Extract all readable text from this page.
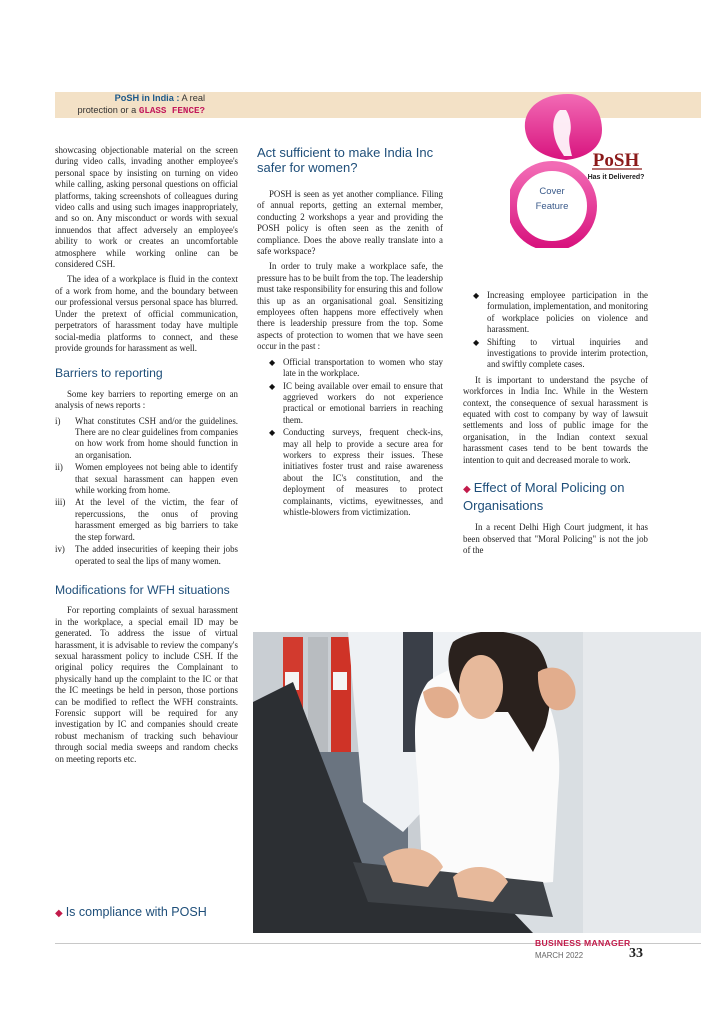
PoSH in India : A real
protection or a GLASS FENCE?
Cover
Feature
PoSH
Has it Delivered?

showcasing objectionable material on the screen during video calls, invading another employee's personal space by insisting on turning on video while calling, asking personal questions on official platforms, taking screenshots of colleagues during video calls and using such images inappropriately, and so on. Any misconduct or words with sexual innuendos that affect adversely an employee's ability to work or creates an uncomfortable atmosphere while working online can be considered CSH.

The idea of a workplace is fluid in the context of a work from home, and the boundary between our professional versus personal space has blurred. Under the pretext of official communication, perpetrators of harassment today have multiple social-media platforms to connect, and these provide grounds for harassment as well.

Barriers to reporting

Some key barriers to reporting emerge on an analysis of news reports :

i) What constitutes CSH and/or the guidelines. There are no clear guidelines from companies on how work from home should function in an organisation.
ii) Women employees not being able to identify that sexual harassment can happen even while working from home.
iii) At the level of the victim, the fear of repercussions, the onus of proving harassment emerged as big barriers to take the step forward.
iv) The added insecurities of keeping their jobs operated to seal the lips of many women.
Modifications for WFH situations

For reporting complaints of sexual harassment in the workplace, a special email ID may be generated. To address the issue of virtual harassment, it is advisable to review the company's sexual harassment policy to include CSH. If the original policy requires the Complainant to physically hand up the complaint to the IC or that the IC meetings be held in person, those portions can be modified to reflect the WFH constraints. Forensic support will be required for any investigation by IC and companies should create robust mechanism of tracking such behaviour through social media sweeps and random checks on meeting reports etc.

◆ Is compliance with POSH
Act sufficient to make India Inc safer for women?

POSH is seen as yet another compliance. Filing of annual reports, getting an external member, conducting 2 workshops a year and providing the POSH policy is often seen as the zenith of compliance. Does the above really translate into a safe workspace?

In order to truly make a workplace safe, the pressure has to be built from the top. The leadership must take responsibility for ensuring this and follow this up as an organisational goal. Sensitizing employees often happens more effectively when there is leadership pressure from the top. Some aspects of protection to women that we have seen occur in the past :

◆ Official transportation to women who stay late in the workplace.
◆ IC being available over email to ensure that aggrieved workers do not experience practical or emotional barriers in reaching them.
◆ Conducting surveys, frequent check-ins, may all help to provide a secure area for workers to express their issues. These initiatives foster trust and raise awareness about the IC's constitution, and the deployment of measures to protect complainants, victims, eyewitnesses, and whistle-blowers from victimization.
◆ Increasing employee participation in the formulation, implementation, and monitoring of workplace policies on violence and harassment.
◆ Shifting to virtual inquiries and investigations to provide interim protection, and swiftly complete cases.

It is important to understand the psyche of workforces in India Inc. While in the Western context, the consequence of sexual harassment is equated with cost to company by way of lawsuit settlements and loss of public image for the organisation, in the Indian context sexual harassment cases tend to be bent towards the intention to quit and decreased morale to work.

◆ Effect of Moral Policing on Organisations

In a recent Delhi High Court judgment, it has been observed that "Moral Policing" is not the job of the

BUSINESS MANAGER
MARCH 2022	33
